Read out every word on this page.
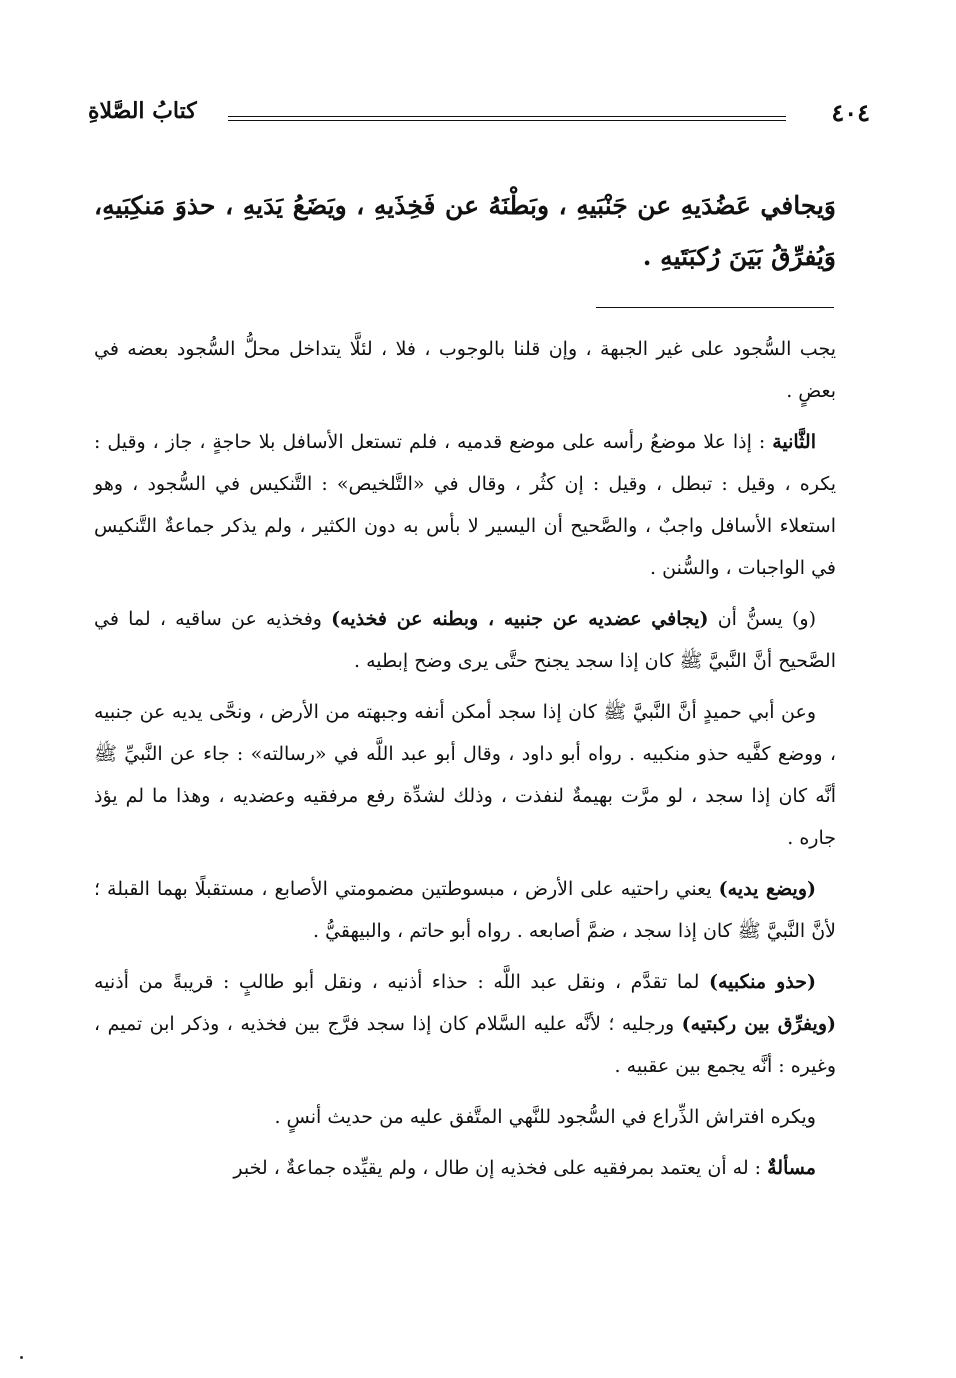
٤٠٤
كتابُ الصَّلاةِ

وَيجافي عَضُدَيهِ عن جَنْبَيهِ ، وبَطْنَهُ عن فَخِذَيهِ ، ويَضَعُ يَدَيهِ ، حذوَ مَنكِبَيهِ، وَيُفرِّقُ بَيَنَ رُكبَتَيهِ .

يجب السُّجود على غير الجبهة ، وإن قلنا بالوجوب ، فلا ، لئلَّا يتداخل محلُّ السُّجود بعضه في بعضٍ .

الثَّانية : إذا علا موضعُ رأسه على موضع قدميه ، فلم تستعل الأسافل بلا حاجةٍ ، جاز ، وقيل : يكره ، وقيل : تبطل ، وقيل : إن كثُر ، وقال في «التَّلخيص» : التَّنكيس في السُّجود ، وهو استعلاء الأسافل واجبٌ ، والصَّحيح أن اليسير لا بأس به دون الكثير ، ولم يذكر جماعةٌ التَّنكيس في الواجبات ، والسُّنن .

(و) يسنُّ أن (يجافي عضديه عن جنبيه ، وبطنه عن فخذيه) وفخذيه عن ساقيه ، لما في الصَّحيح أنَّ النَّبيَّ ﷺ كان إذا سجد يجنح حتَّى يرى وضح إبطيه .

وعن أبي حميدٍ أنَّ النَّبيَّ ﷺ كان إذا سجد أمكن أنفه وجبهته من الأرض ، ونحَّى يديه عن جنبيه ، ووضع كفَّيه حذو منكبيه . رواه أبو داود ، وقال أبو عبد اللَّه في «رسالته» : جاء عن النَّبيِّ ﷺ أنَّه كان إذا سجد ، لو مرَّت بهيمةٌ لنفذت ، وذلك لشدِّة رفع مرفقيه وعضديه ، وهذا ما لم يؤذ جاره .

(ويضع يديه) يعني راحتيه على الأرض ، مبسوطتين مضمومتي الأصابع ، مستقبلًا بهما القبلة ؛ لأنَّ النَّبيَّ ﷺ كان إذا سجد ، ضمَّ أصابعه . رواه أبو حاتم ، والبيهقيُّ .

(حذو منكبيه) لما تقدَّم ، ونقل عبد اللَّه : حذاء أذنيه ، ونقل أبو طالبٍ : قريبةً من أذنيه (ويفرِّق بين ركبتيه) ورجليه ؛ لأنَّه عليه السَّلام كان إذا سجد فرَّج بين فخذيه ، وذكر ابن تميم ، وغيره : أنَّه يجمع بين عقبيه .

ويكره افتراش الذِّراع في السُّجود للنَّهي المتَّفق عليه من حديث أنسٍ .

مسألةٌ : له أن يعتمد بمرفقيه على فخذيه إن طال ، ولم يقيِّده جماعةٌ ، لخبر
